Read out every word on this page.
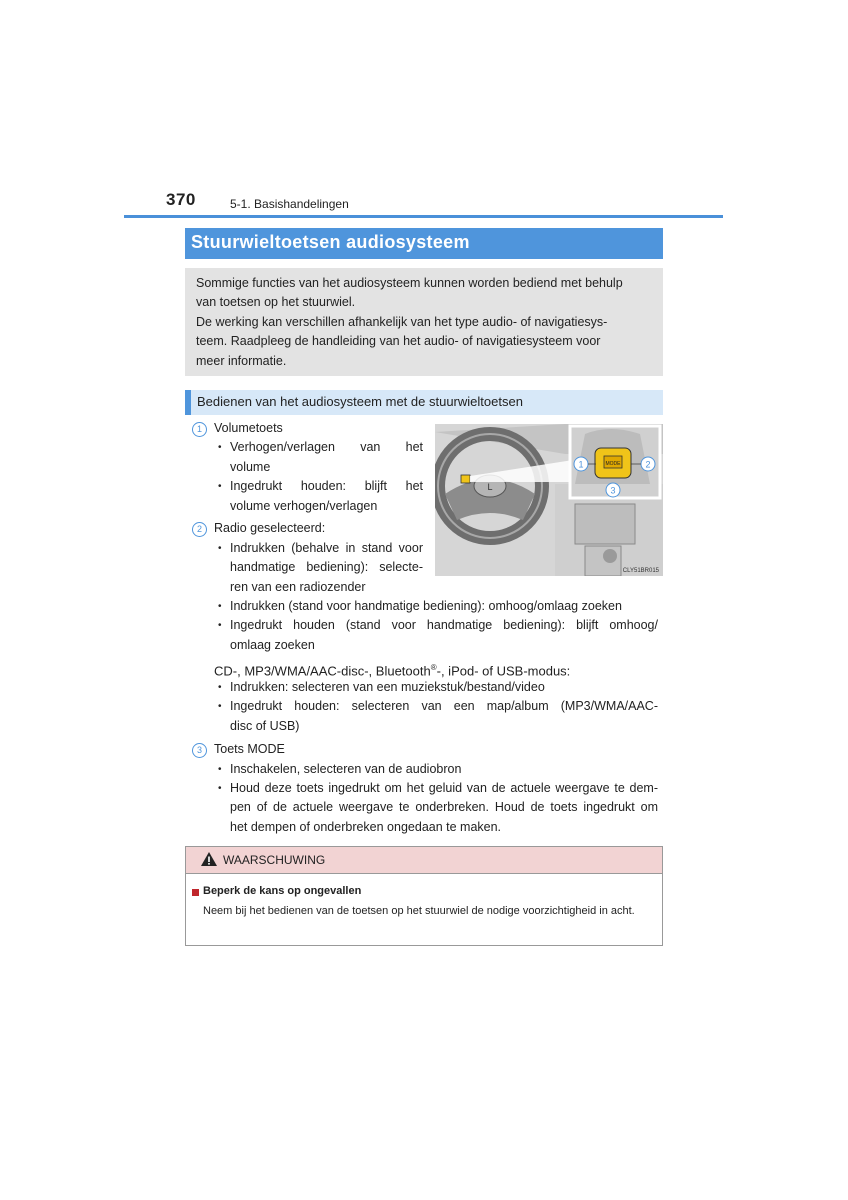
370	5-1. Basishandelingen
Stuurwieltoetsen audiosysteem

Sommige functies van het audiosysteem kunnen worden bediend met behulp

van toetsen op het stuurwiel.

De werking kan verschillen afhankelijk van het type audio- of navigatiesys-

teem. Raadpleeg de handleiding van het audio- of navigatiesysteem voor

meer informatie.

Bedienen van het audiosysteem met de stuurwieltoetsen
L
MODE
1	2
3
CLY51BR015
1 Volumetoets
• Verhogen/verlagen van het
volume
• Ingedrukt houden: blijft het
volume verhogen/verlagen
2 Radio geselecteerd:
• Indrukken (behalve in stand voor
handmatige bediening): selecte-
ren van een radiozender
• Indrukken (stand voor handmatige bediening): omhoog/omlaag zoeken
• Ingedrukt houden (stand voor handmatige bediening): blijft omhoog/
omlaag zoeken
CD-, MP3/WMA/AAC-disc-, Bluetooth®-, iPod- of USB-modus:
• Indrukken: selecteren van een muziekstuk/bestand/video
• Ingedrukt houden: selecteren van een map/album (MP3/WMA/AAC-
disc of USB)
3 Toets MODE
• Inschakelen, selecteren van de audiobron
• Houd deze toets ingedrukt om het geluid van de actuele weergave te dem-
pen of de actuele weergave te onderbreken. Houd de toets ingedrukt om
het dempen of onderbreken ongedaan te maken.
WAARSCHUWING
Beperk de kans op ongevallen
Neem bij het bedienen van de toetsen op het stuurwiel de nodige voorzichtigheid in acht.
